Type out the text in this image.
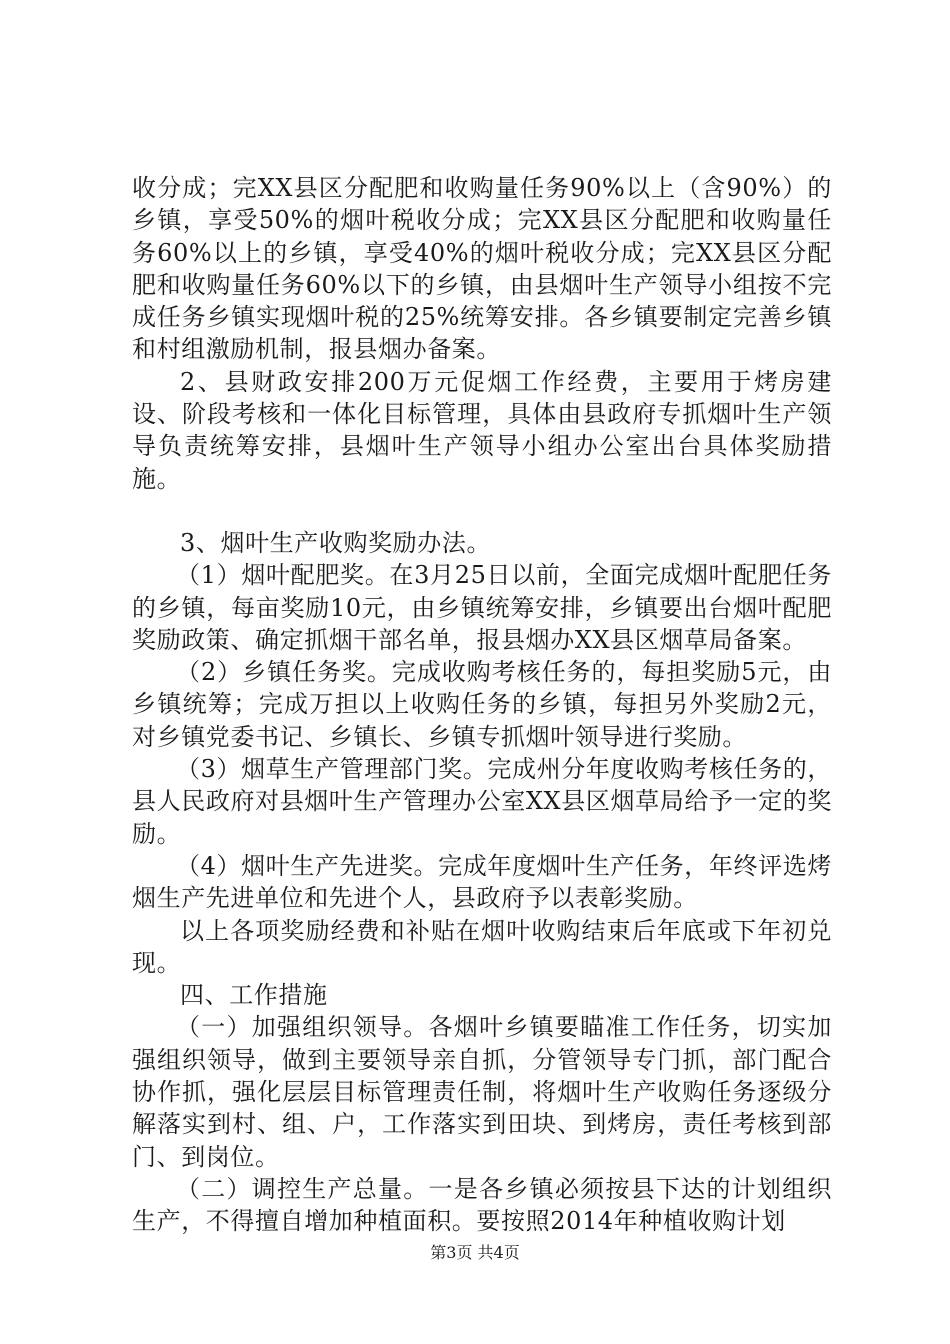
收分成；完XX县区分配肥和收购量任务90%以上（含90%）的乡镇，享受50%的烟叶税收分成；完XX县区分配肥和收购量任务60%以上的乡镇，享受40%的烟叶税收分成；完XX县区分配肥和收购量任务60%以下的乡镇，由县烟叶生产领导小组按不完成任务乡镇实现烟叶税的25%统筹安排。各乡镇要制定完善乡镇和村组激励机制，报县烟办备案。

2、县财政安排200万元促烟工作经费，主要用于烤房建设、阶段考核和一体化目标管理，具体由县政府专抓烟叶生产领导负责统筹安排，县烟叶生产领导小组办公室出台具体奖励措施。

3、烟叶生产收购奖励办法。

（1）烟叶配肥奖。在3月25日以前，全面完成烟叶配肥任务的乡镇，每亩奖励10元，由乡镇统筹安排，乡镇要出台烟叶配肥奖励政策、确定抓烟干部名单，报县烟办XX县区烟草局备案。

（2）乡镇任务奖。完成收购考核任务的，每担奖励5元，由乡镇统筹；完成万担以上收购任务的乡镇，每担另外奖励2元，对乡镇党委书记、乡镇长、乡镇专抓烟叶领导进行奖励。

（3）烟草生产管理部门奖。完成州分年度收购考核任务的，县人民政府对县烟叶生产管理办公室XX县区烟草局给予一定的奖励。

（4）烟叶生产先进奖。完成年度烟叶生产任务，年终评选烤烟生产先进单位和先进个人，县政府予以表彰奖励。

以上各项奖励经费和补贴在烟叶收购结束后年底或下年初兑现。

四、工作措施

（一）加强组织领导。各烟叶乡镇要瞄准工作任务，切实加强组织领导，做到主要领导亲自抓，分管领导专门抓，部门配合协作抓，强化层层目标管理责任制，将烟叶生产收购任务逐级分解落实到村、组、户，工作落实到田块、到烤房，责任考核到部门、到岗位。

（二）调控生产总量。一是各乡镇必须按县下达的计划组织生产，不得擅自增加种植面积。要按照2014年种植收购计划

第3页 共4页
